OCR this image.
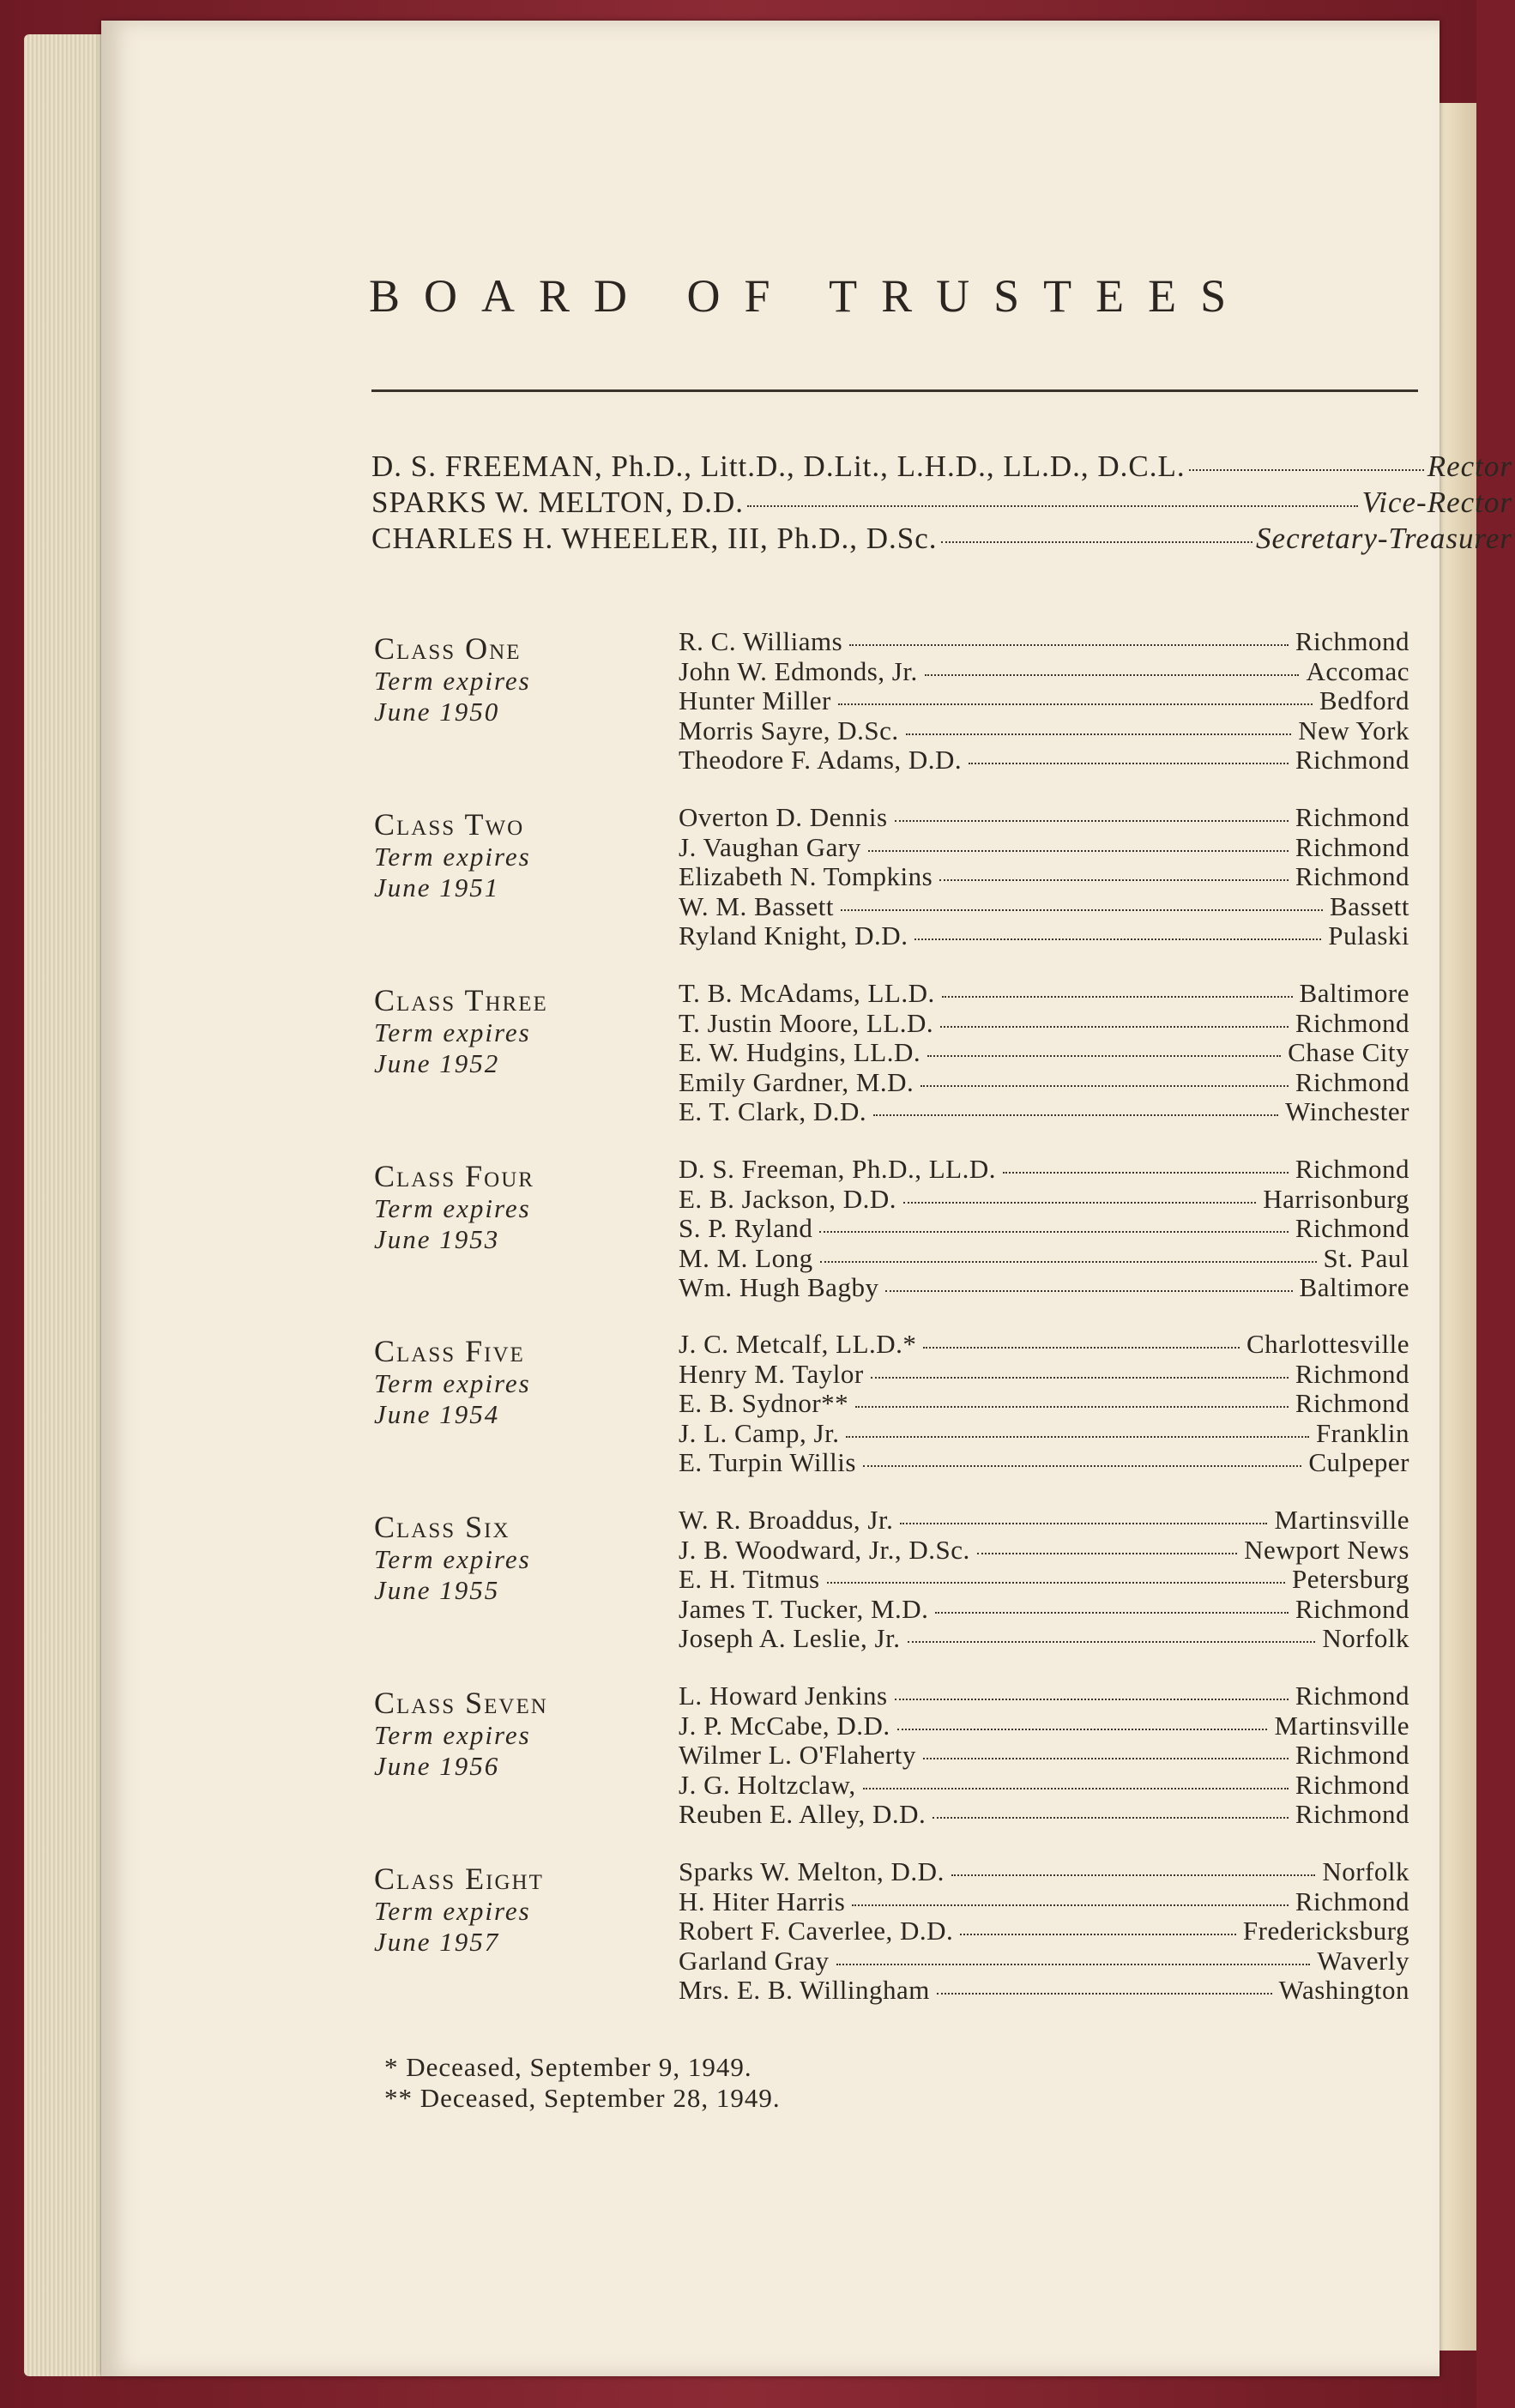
BOARD OF TRUSTEES
D. S. FREEMAN, Ph.D., Litt.D., D.Lit., L.H.D., LL.D., D.C.L.	Rector
SPARKS W. MELTON, D.D.	Vice-Rector
CHARLES H. WHEELER, III, Ph.D., D.Sc.	Secretary-Treasurer
Class One
Term expires
June 1950
R. C. Williams	Richmond
John W. Edmonds, Jr.	Accomac
Hunter Miller	Bedford
Morris Sayre, D.Sc.	New York
Theodore F. Adams, D.D.	Richmond
Class Two
Term expires
June 1951
Overton D. Dennis	Richmond
J. Vaughan Gary	Richmond
Elizabeth N. Tompkins	Richmond
W. M. Bassett	Bassett
Ryland Knight, D.D.	Pulaski
Class Three
Term expires
June 1952
T. B. McAdams, LL.D.	Baltimore
T. Justin Moore, LL.D.	Richmond
E. W. Hudgins, LL.D.	Chase City
Emily Gardner, M.D.	Richmond
E. T. Clark, D.D.	Winchester
Class Four
Term expires
June 1953
D. S. Freeman, Ph.D., LL.D.	Richmond
E. B. Jackson, D.D.	Harrisonburg
S. P. Ryland	Richmond
M. M. Long	St. Paul
Wm. Hugh Bagby	Baltimore
Class Five
Term expires
June 1954
J. C. Metcalf, LL.D.*	Charlottesville
Henry M. Taylor	Richmond
E. B. Sydnor**	Richmond
J. L. Camp, Jr.	Franklin
E. Turpin Willis	Culpeper
Class Six
Term expires
June 1955
W. R. Broaddus, Jr.	Martinsville
J. B. Woodward, Jr., D.Sc.	Newport News
E. H. Titmus	Petersburg
James T. Tucker, M.D.	Richmond
Joseph A. Leslie, Jr.	Norfolk
Class Seven
Term expires
June 1956
L. Howard Jenkins	Richmond
J. P. McCabe, D.D.	Martinsville
Wilmer L. O'Flaherty	Richmond
J. G. Holtzclaw,	Richmond
Reuben E. Alley, D.D.	Richmond
Class Eight
Term expires
June 1957
Sparks W. Melton, D.D.	Norfolk
H. Hiter Harris	Richmond
Robert F. Caverlee, D.D.	Fredericksburg
Garland Gray	Waverly
Mrs. E. B. Willingham	Washington
* Deceased, September 9, 1949.
** Deceased, September 28, 1949.
